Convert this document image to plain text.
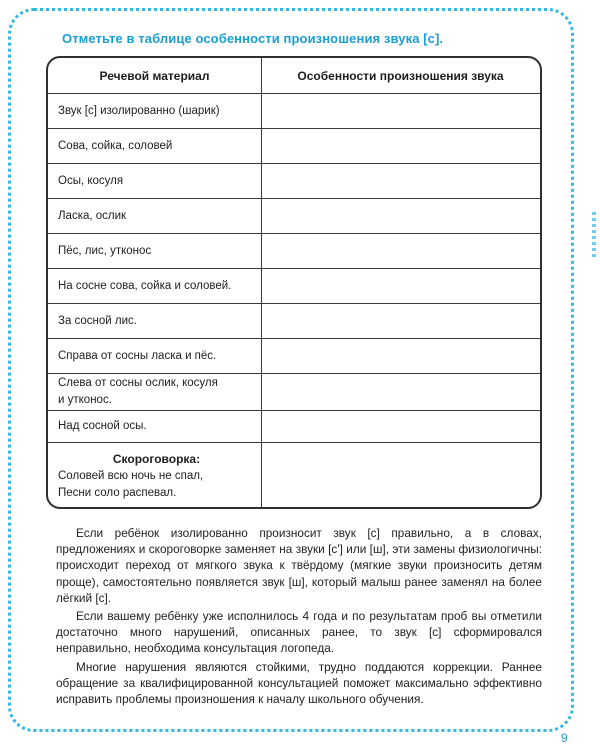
Отметьте в таблице особенности произношения звука [с].
Речевой материал	Особенности произношения звука
Звук [с] изолированно (шарик)
Сова, сойка, соловей
Осы, косуля
Ласка, ослик
Пёс, лис, утконос
На сосне сова, сойка и соловей.
За сосной лис.
Справа от сосны ласка и пёс.
Слева от сосны ослик, косуля
и утконос.
Над сосной осы.
Скороговорка:
Соловей всю ночь не спал,
Песни соло распевал.

Если ребёнок изолированно произносит звук [с] правильно, а в словах, предложениях и скороговорке заменяет на звуки [с'] или [ш], эти замены физиологичны: происходит переход от мягкого звука к твёрдому (мягкие звуки произносить детям проще), самостоятельно появляется звук [ш], который малыш ранее заменял на более лёгкий [с].

Если вашему ребёнку уже исполнилось 4 года и по результатам проб вы отметили достаточно много нарушений, описанных ранее, то звук [с] сформировался неправильно, необходима консультация логопеда.

Многие нарушения являются стойкими, трудно поддаются коррекции. Раннее обращение за квалифицированной консультацией поможет максимально эффективно исправить проблемы произношения к началу школьного обучения.

9
